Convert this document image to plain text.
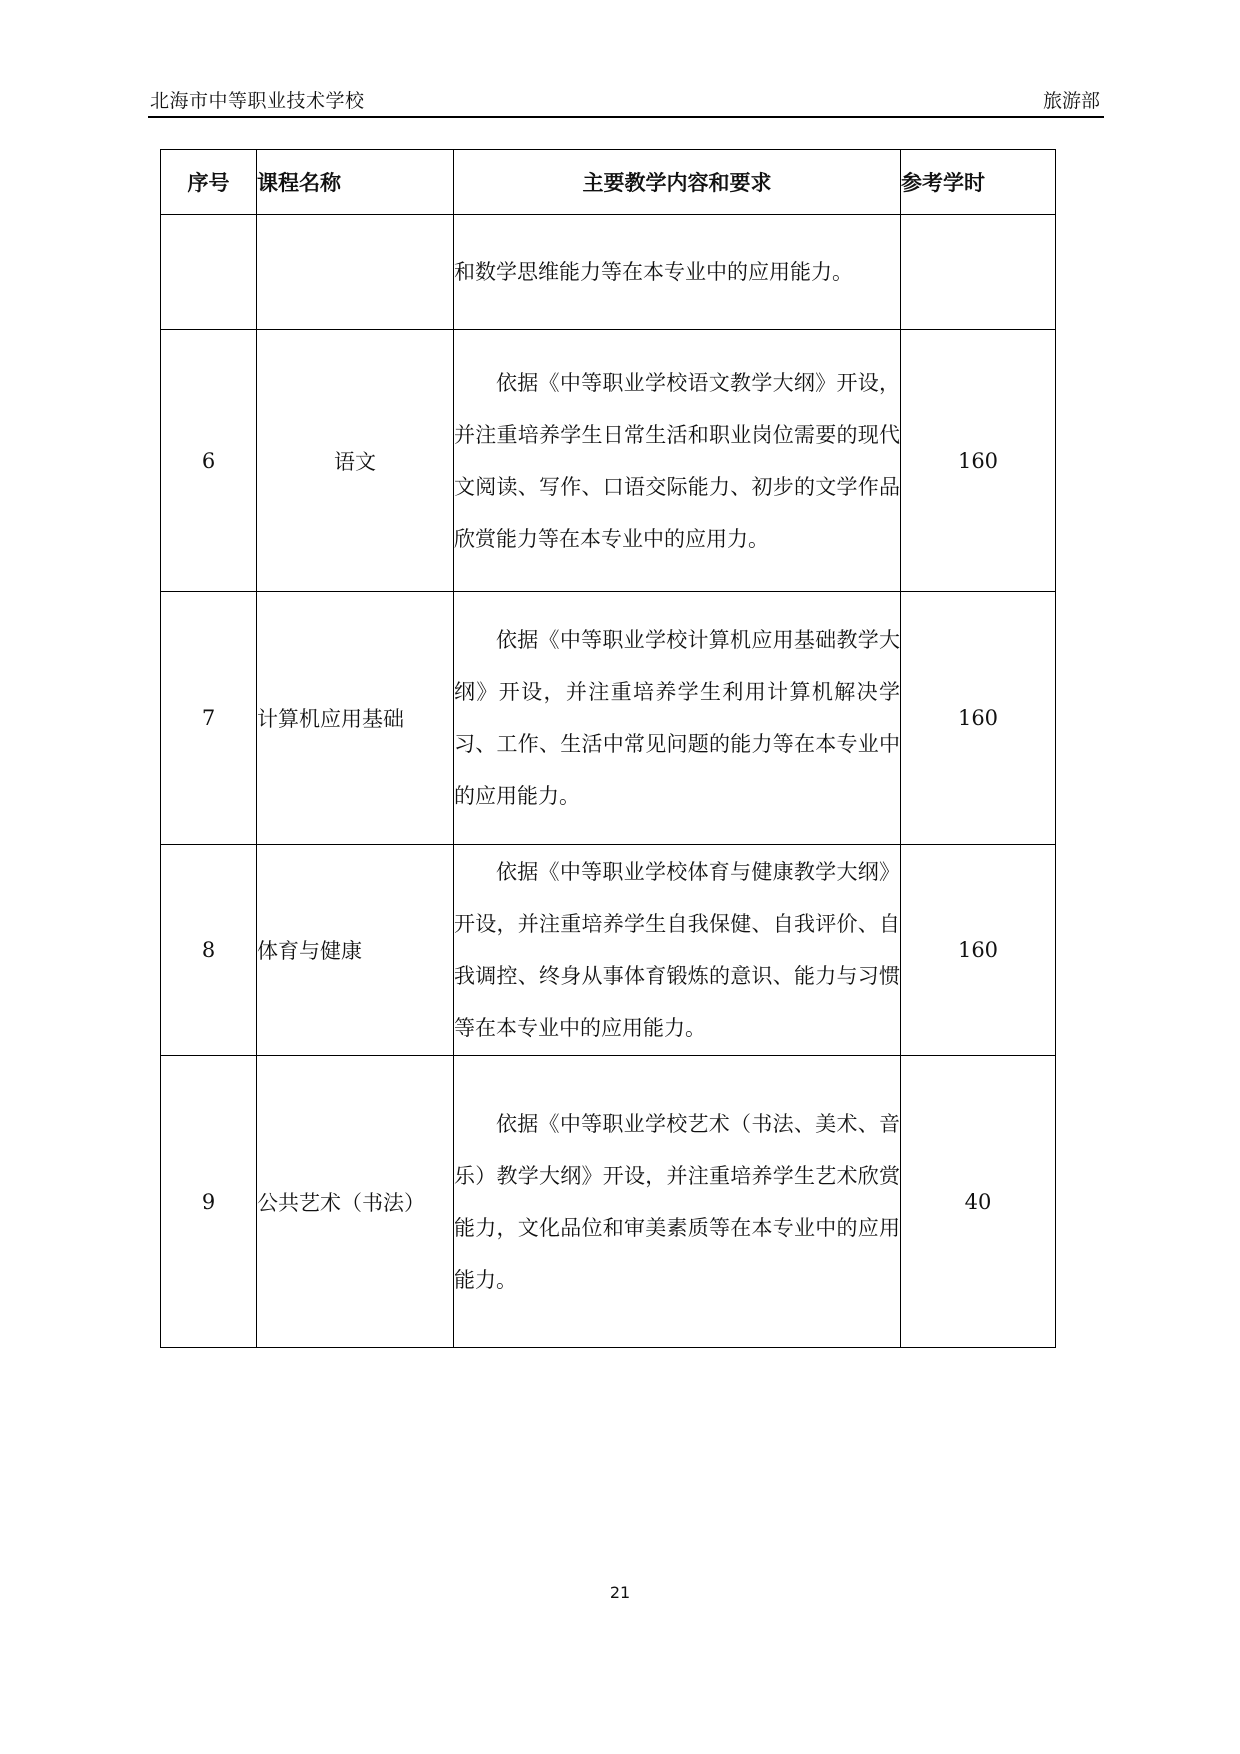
北海市中等职业技术学校	旅游部
序号	课程名称	主要教学内容和要求	参考学时
		和数学思维能力等在本专业中的应用能力。	
6	语文	依据《中等职业学校语文教学大纲》开设，并注重培养学生日常生活和职业岗位需要的现代文阅读、写作、口语交际能力、初步的文学作品欣赏能力等在本专业中的应用力。	160
7	计算机应用基础	依据《中等职业学校计算机应用基础教学大纲》开设，并注重培养学生利用计算机解决学习、工作、生活中常见问题的能力等在本专业中的应用能力。	160
8	体育与健康	依据《中等职业学校体育与健康教学大纲》开设，并注重培养学生自我保健、自我评价、自我调控、终身从事体育锻炼的意识、能力与习惯等在本专业中的应用能力。	160
9	公共艺术（书法）	依据《中等职业学校艺术（书法、美术、音乐）教学大纲》开设，并注重培养学生艺术欣赏能力，文化品位和审美素质等在本专业中的应用能力。	40
21
